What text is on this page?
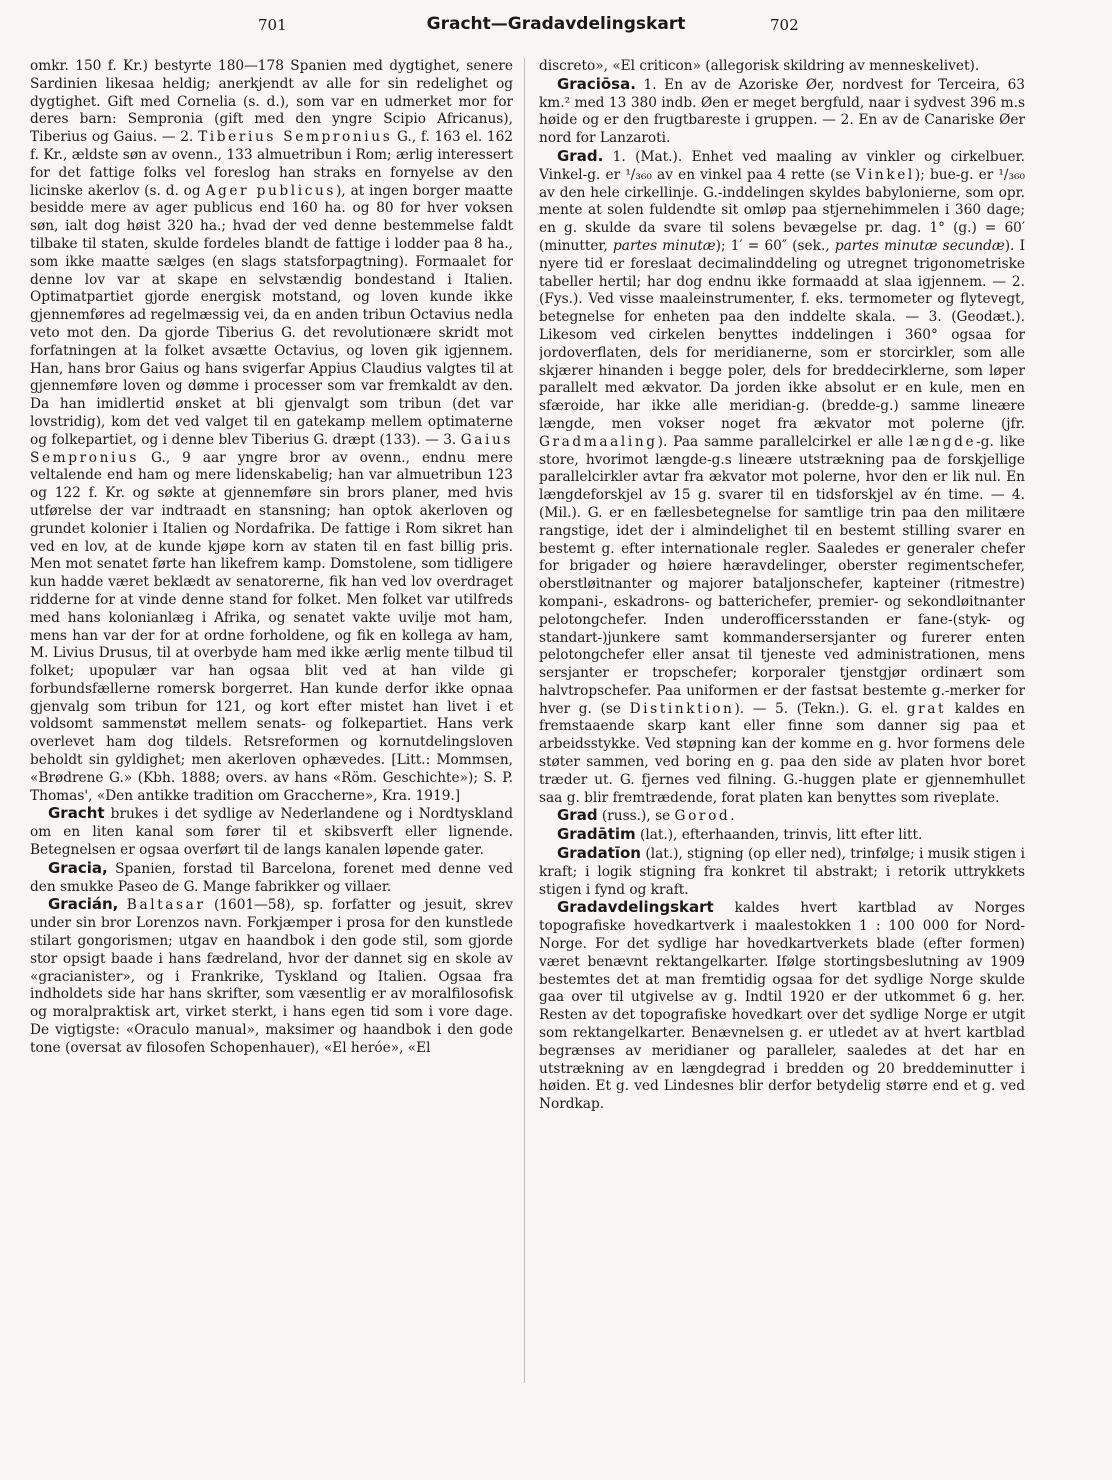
701	Gracht—Gradavdelingskart	702

omkr. 150 f. Kr.) bestyrte 180—178 Spanien med dygtighet, senere Sardinien likesaa heldig; anerkjendt av alle for sin redelighet og dygtighet. Gift med Cornelia (s. d.), som var en udmerket mor for deres barn: Sempronia (gift med den yngre Scipio Africanus), Tiberius og Gaius. — 2. Tiberius Sempronius G., f. 163 el. 162 f. Kr., ældste søn av ovenn., 133 almuetribun i Rom; ærlig interessert for det fattige folks vel foreslog han straks en fornyelse av den licinske akerlov (s. d. og Ager publicus), at ingen borger maatte besidde mere av ager publicus end 160 ha. og 80 for hver voksen søn, ialt dog høist 320 ha.; hvad der ved denne bestemmelse faldt tilbake til staten, skulde fordeles blandt de fattige i lodder paa 8 ha., som ikke maatte sælges (en slags statsforpagtning). Formaalet for denne lov var at skape en selvstændig bondestand i Italien. Optimatpartiet gjorde energisk motstand, og loven kunde ikke gjennemføres ad regelmæssig vei, da en anden tribun Octavius nedla veto mot den. Da gjorde Tiberius G. det revolutionære skridt mot forfatningen at la folket avsætte Octavius, og loven gik igjennem. Han, hans bror Gaius og hans svigerfar Appius Claudius valgtes til at gjennemføre loven og dømme i processer som var fremkaldt av den. Da han imidlertid ønsket at bli gjenvalgt som tribun (det var lovstridig), kom det ved valget til en gatekamp mellem optimaterne og folkepartiet, og i denne blev Tiberius G. dræpt (133). — 3. Gaius Sempronius G., 9 aar yngre bror av ovenn., endnu mere veltalende end ham og mere lidenskabelig; han var almuetribun 123 og 122 f. Kr. og søkte at gjennemføre sin brors planer, med hvis utførelse der var indtraadt en stansning; han optok akerloven og grundet kolonier i Italien og Nordafrika. De fattige i Rom sikret han ved en lov, at de kunde kjøpe korn av staten til en fast billig pris. Men mot senatet førte han likefrem kamp. Domstolene, som tidligere kun hadde været beklædt av senatorerne, fik han ved lov overdraget ridderne for at vinde denne stand for folket. Men folket var utilfreds med hans kolonianlæg i Afrika, og senatet vakte uvilje mot ham, mens han var der for at ordne forholdene, og fik en kollega av ham, M. Livius Drusus, til at overbyde ham med ikke ærlig mente tilbud til folket; upopulær var han ogsaa blit ved at han vilde gi forbundsfællerne romersk borgerret. Han kunde derfor ikke opnaa gjenvalg som tribun for 121, og kort efter mistet han livet i et voldsomt sammenstøt mellem senats- og folkepartiet. Hans verk overlevet ham dog tildels. Retsreformen og kornutdelingsloven beholdt sin gyldighet; men akerloven ophævedes. [Litt.: Mommsen, «Brødrene G.» (Kbh. 1888; overs. av hans «Röm. Geschichte»); S. P. Thomas', «Den antikke tradition om Graccherne», Kra. 1919.]

Gracht brukes i det sydlige av Nederlandene og i Nordtyskland om en liten kanal som fører til et skibsverft eller lignende. Betegnelsen er ogsaa overført til de langs kanalen løpende gater.

Gracia, Spanien, forstad til Barcelona, forenet med denne ved den smukke Paseo de G. Mange fabrikker og villaer.

Gracián, Baltasar (1601—58), sp. forfatter og jesuit, skrev under sin bror Lorenzos navn. Forkjæmper i prosa for den kunstlede stilart gongorismen; utgav en haandbok i den gode stil, som gjorde stor opsigt baade i hans fædreland, hvor der dannet sig en skole av «gracianister», og i Frankrike, Tyskland og Italien. Ogsaa fra indholdets side har hans skrifter, som væsentlig er av moralfilosofisk og moralpraktisk art, virket sterkt, i hans egen tid som i vore dage. De vigtigste: «Oraculo manual», maksimer og haandbok i den gode tone (oversat av filosofen Schopenhauer), «El heróe», «El

discreto», «El criticon» (allegorisk skildring av menneskelivet).

Graciōsa. 1. En av de Azoriske Øer, nordvest for Terceira, 63 km.² med 13 380 indb. Øen er meget bergfuld, naar i sydvest 396 m.s høide og er den frugtbareste i gruppen. — 2. En av de Canariske Øer nord for Lanzaroti.

Grad. 1. (Mat.). Enhet ved maaling av vinkler og cirkelbuer. Vinkel-g. er ¹/₃₆₀ av en vinkel paa 4 rette (se Vinkel); bue-g. er ¹/₃₆₀ av den hele cirkellinje. G.-inddelingen skyldes babylonierne, som opr. mente at solen fuldendte sit omløp paa stjernehimmelen i 360 dage; en g. skulde da svare til solens bevægelse pr. dag. 1° (g.) = 60′ (minutter, partes minutæ); 1′ = 60″ (sek., partes minutæ secundæ). I nyere tid er foreslaat decimalinddeling og utregnet trigonometriske tabeller hertil; har dog endnu ikke formaadd at slaa igjennem. — 2. (Fys.). Ved visse maaleinstrumenter, f. eks. termometer og flytevegt, betegnelse for enheten paa den inddelte skala. — 3. (Geodæt.). Likesom ved cirkelen benyttes inddelingen i 360° ogsaa for jordoverflaten, dels for meridianerne, som er storcirkler, som alle skjærer hinanden i begge poler, dels for breddecirklerne, som løper parallelt med ækvator. Da jorden ikke absolut er en kule, men en sfæroide, har ikke alle meridian-g. (bredde-g.) samme lineære længde, men vokser noget fra ækvator mot polerne (jfr. Gradmaaling). Paa samme parallelcirkel er alle længde-g. like store, hvorimot længde-g.s lineære utstrækning paa de forskjellige parallelcirkler avtar fra ækvator mot polerne, hvor den er lik nul. En længdeforskjel av 15 g. svarer til en tidsforskjel av én time. — 4. (Mil.). G. er en fællesbetegnelse for samtlige trin paa den militære rangstige, idet der i almindelighet til en bestemt stilling svarer en bestemt g. efter internationale regler. Saaledes er generaler chefer for brigader og høiere hæravdelinger, oberster regimentschefer, oberstløitnanter og majorer bataljonschefer, kapteiner (ritmestre) kompani-, eskadrons- og batterichefer, premier- og sekondløitnanter pelotongchefer. Inden underofficersstanden er fane-(styk- og standart-)junkere samt kommandersersjanter og furerer enten pelotongchefer eller ansat til tjeneste ved administrationen, mens sersjanter er tropschefer; korporaler tjenstgjør ordinært som halvtropschefer. Paa uniformen er der fastsat bestemte g.-merker for hver g. (se Distinktion). — 5. (Tekn.). G. el. grat kaldes en fremstaaende skarp kant eller finne som danner sig paa et arbeidsstykke. Ved støpning kan der komme en g. hvor formens dele støter sammen, ved boring en g. paa den side av platen hvor boret træder ut. G. fjernes ved filning. G.-huggen plate er gjennemhullet saa g. blir fremtrædende, forat platen kan benyttes som riveplate.

Grad (russ.), se Gorod.

Gradātim (lat.), efterhaanden, trinvis, litt efter litt.

Gradatīon (lat.), stigning (op eller ned), trinfølge; i musik stigen i kraft; i logik stigning fra konkret til abstrakt; i retorik uttrykkets stigen i fynd og kraft.

Gradavdelingskart kaldes hvert kartblad av Norges topografiske hovedkartverk i maalestokken 1 : 100 000 for Nord-Norge. For det sydlige har hovedkartverkets blade (efter formen) været benævnt rektangelkarter. Ifølge stortingsbeslutning av 1909 bestemtes det at man fremtidig ogsaa for det sydlige Norge skulde gaa over til utgivelse av g. Indtil 1920 er der utkommet 6 g. her. Resten av det topografiske hovedkart over det sydlige Norge er utgit som rektangelkarter. Benævnelsen g. er utledet av at hvert kartblad begrænses av meridianer og paralleler, saaledes at det har en utstrækning av en længdegrad i bredden og 20 breddeminutter i høiden. Et g. ved Lindesnes blir derfor betydelig større end et g. ved Nordkap.
